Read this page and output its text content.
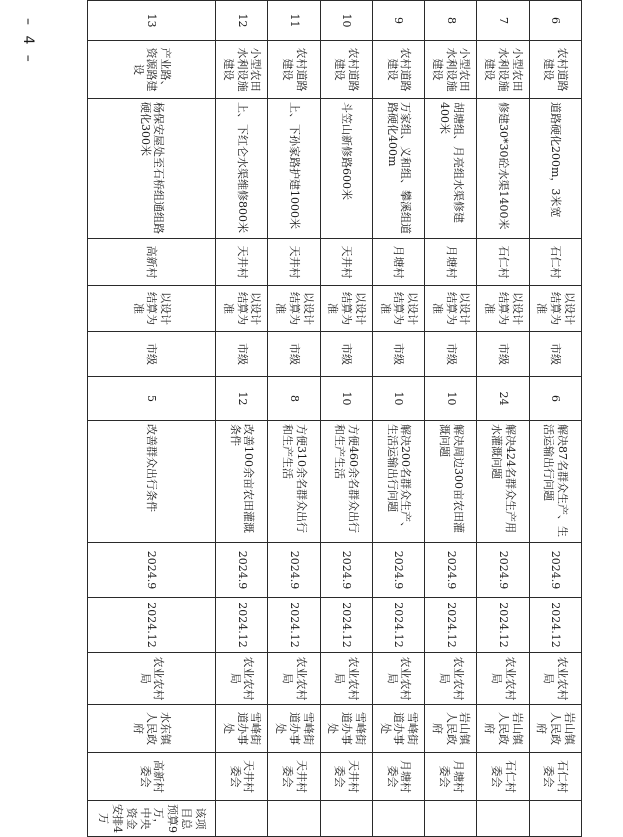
– 4 –	6	农村道路建设	道路硬化200m，3米宽	石仁村	以设计结算为准	市级	6	解决87名群众生产、生活运输出行问题	2024.9	2024.12	农业农村局	岩山镇人民政府	石仁村委会	
7	小型农田水利设施建设	修建30*30砼水渠1400米	石仁村	以设计结算为准	市级	24	解决424名群众生产用水灌溉问题	2024.9	2024.12	农业农村局	岩山镇人民政府	石仁村委会	
8	小型农田水利设施建设	胡塘组、月亮组水渠修建400米	月塘村	以设计结算为准	市级	10	解决周边300亩农田灌溉问题	2024.9	2024.12	农业农村局	岩山镇人民政府	月塘村委会	
9	农村道路建设	万家组、义和组、攀溪组道路硬化400m	月塘村	以设计结算为准	市级	10	解决200名群众生产、生活运输出行问题	2024.9	2024.12	农业农村局	雪峰街道办事处	月塘村委会	
10	农村道路建设	斗笠山新修路600米	天井村	以设计结算为准	市级	10	方便460余名群众出行和生产生活	2024.9	2024.12	农业农村局	雪峰街道办事处	天井村委会	
11	农村道路建设	上、下孙家路护建1000米	天井村	以设计结算为准	市级	8	方便310余名群众出行和生产生活	2024.9	2024.12	农业农村局	雪峰街道办事处	天井村委会	
12	小型农田水利设施建设	上、下红仑水渠维修800米	天井村	以设计结算为准	市级	12	改善100余亩农田灌溉条件	2024.9	2024.12	农业农村局	雪峰街道办事处	天井村委会	
13	产业路、资源路建设	杨保安屋处至石桥组通组路硬化300米	高新村	以设计结算为准	市级	5	改善群众出行条件	2024.9	2024.12	农业农村局	水东镇人民政府	高新村委会	该项目总预算9万，中央资金安排4万
